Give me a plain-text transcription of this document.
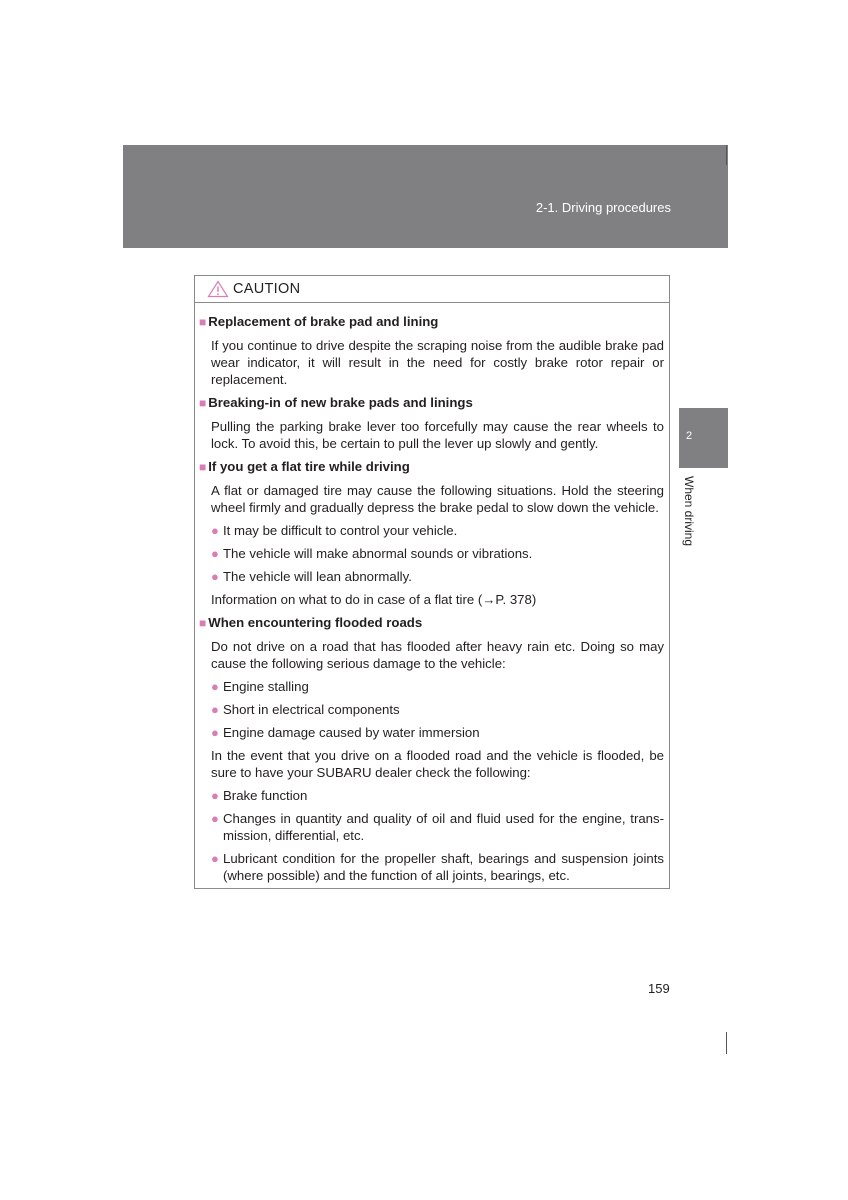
2-1. Driving procedures
2
When driving
CAUTION
■ Replacement of brake pad and lining
If you continue to drive despite the scraping noise from the audible brake pad wear indicator, it will result in the need for costly brake rotor repair or replacement.
■ Breaking-in of new brake pads and linings
Pulling the parking brake lever too forcefully may cause the rear wheels to lock. To avoid this, be certain to pull the lever up slowly and gently.
■ If you get a flat tire while driving
A flat or damaged tire may cause the following situations. Hold the steering wheel firmly and gradually depress the brake pedal to slow down the vehicle.
● It may be difficult to control your vehicle.
● The vehicle will make abnormal sounds or vibrations.
● The vehicle will lean abnormally.
Information on what to do in case of a flat tire (→P. 378)
■ When encountering flooded roads
Do not drive on a road that has flooded after heavy rain etc. Doing so may cause the following serious damage to the vehicle:
● Engine stalling
● Short in electrical components
● Engine damage caused by water immersion
In the event that you drive on a flooded road and the vehicle is flooded, be sure to have your SUBARU dealer check the following:
● Brake function
● Changes in quantity and quality of oil and fluid used for the engine, trans-mission, differential, etc.
● Lubricant condition for the propeller shaft, bearings and suspension joints (where possible) and the function of all joints, bearings, etc.
159
